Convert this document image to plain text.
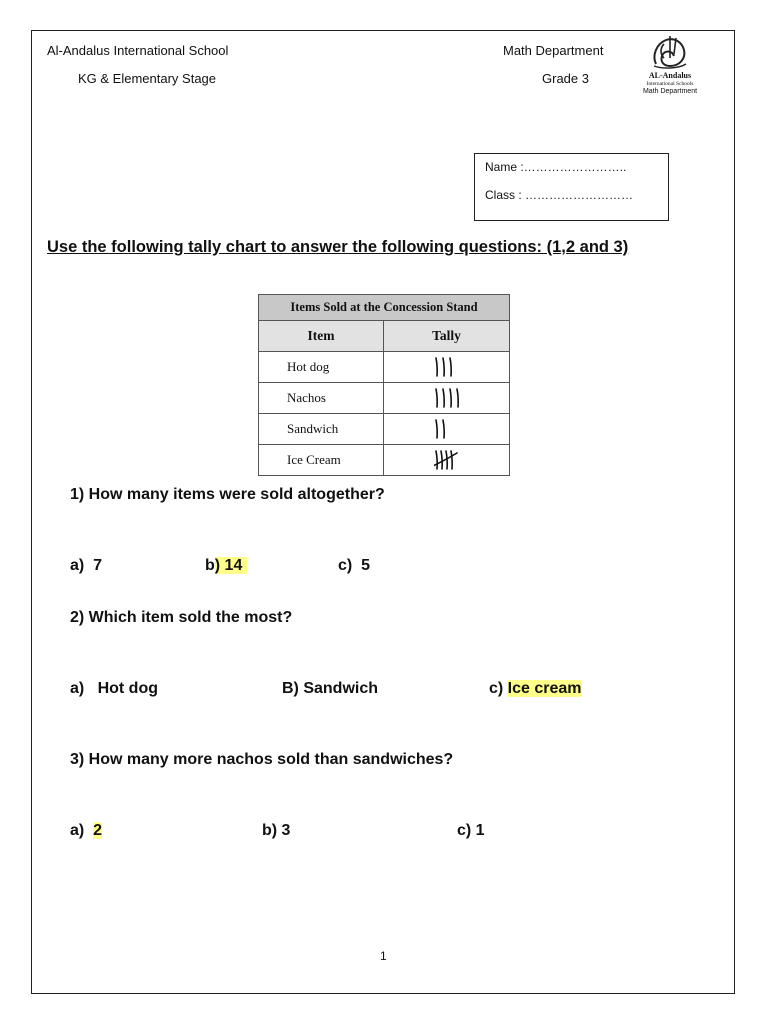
Al-Andalus International School
KG & Elementary Stage
Math Department
Grade 3	AL-Andalus
International Schools
Math Department
Name :……………………..
Class : ………………………
Use the following tally chart to answer the following questions: (1,2 and 3)
Items Sold at the Concession Stand	
Item	Tally
Hot dog	

Nachos	

Sandwich	

Ice Cream	
1) How many items were sold altogether?
a)  7	b) 14	c)  5
2) Which item sold the most?
a)   Hot dog	B) Sandwich	c) Ice cream
3) How many more nachos sold than sandwiches?
a)  2	b) 3	c) 1
1
